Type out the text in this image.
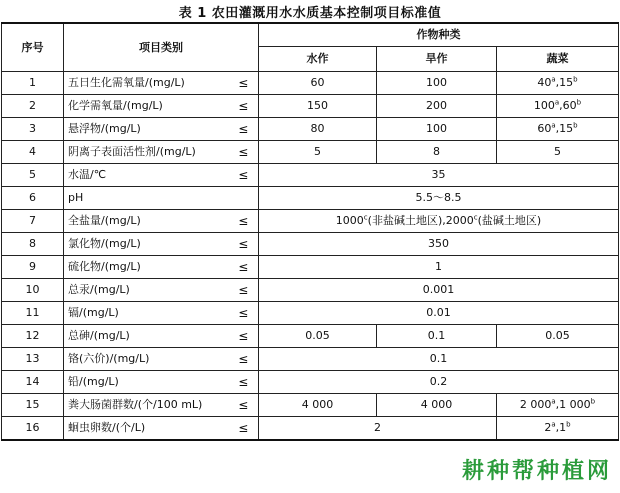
表 1 农田灌溉用水水质基本控制项目标准值
序号	项目类别		作物种类		
			水作	旱作	蔬菜
1	五日生化需氧量/(mg/L)	≤	60	100	40$^a$,15$^b$
2	化学需氧量/(mg/L)	≤	150	200	100$^a$,60$^b$
3	悬浮物/(mg/L)	≤	80	100	60$^a$,15$^b$
4	阴离子表面活性剂/(mg/L)	≤	5	8	5
5	水温/℃	≤	35		
6	pH		5.5～8.5		
7	全盐量/(mg/L)	≤	$1000^c$(非盐碱土地区),2000$^c$(盐碱土地区)		
8	氯化物/(mg/L)	≤	350		
9	硫化物/(mg/L)	≤	1		
10	总汞/(mg/L)	≤	0.001		
11	镉/(mg/L)	≤	0.01		
12	总砷/(mg/L)	≤	0.05	0.1	0.05
13	铬(六价)/(mg/L)	≤	0.1		
14	铅/(mg/L)	≤	0.2		
15	粪大肠菌群数/(个/100 mL)	≤	4 000	4 000	2 000$^a$,1 000$^b$
16	蛔虫卵数/(个/L)	≤	2		2$^a$,1$^b$
耕种帮种植网
